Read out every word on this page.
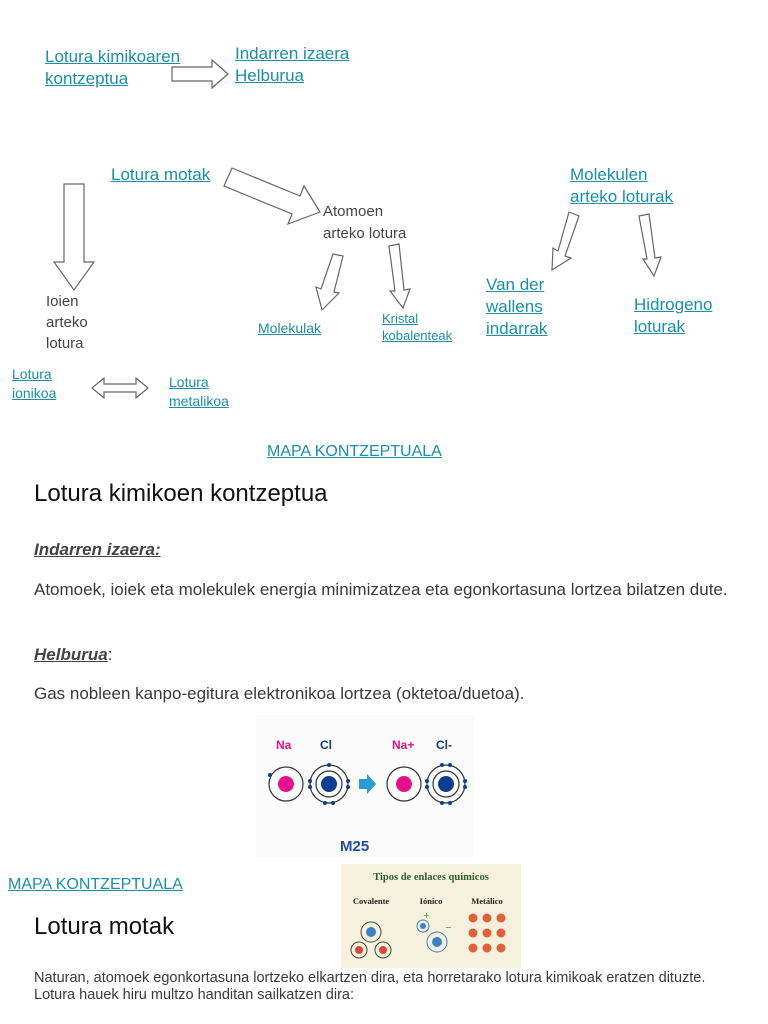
Lotura kimikoaren
kontzeptua
Indarren izaera
Helburua
Lotura motak
Atomoen
arteko lotura
Ioien
arteko
lotura
Molekulen
arteko loturak
Molekulak
Kristal
kobalenteak
Van der
wallens
indarrak
Hidrogeno
loturak
Lotura
ionikoa
Lotura
metalikoa
MAPA KONTZEPTUALA
Lotura kimikoen kontzeptua
Indarren izaera:
Atomoek, ioiek eta molekulek energia minimizatzea eta egonkortasuna lortzea bilatzen dute.
Helburua:
Gas nobleen kanpo-egitura elektronikoa lortzea (oktetoa/duetoa).
Na Cl	Na+ Cl-
M25
MAPA KONTZEPTUALA
Lotura motak
Tipos de enlaces químicos
Covalente	Iónico	Metálico
+
−
Naturan, atomoek egonkortasuna lortzeko elkartzen dira, eta horretarako lotura kimikoak eratzen dituzte. Lotura hauek hiru multzo handitan sailkatzen dira:
